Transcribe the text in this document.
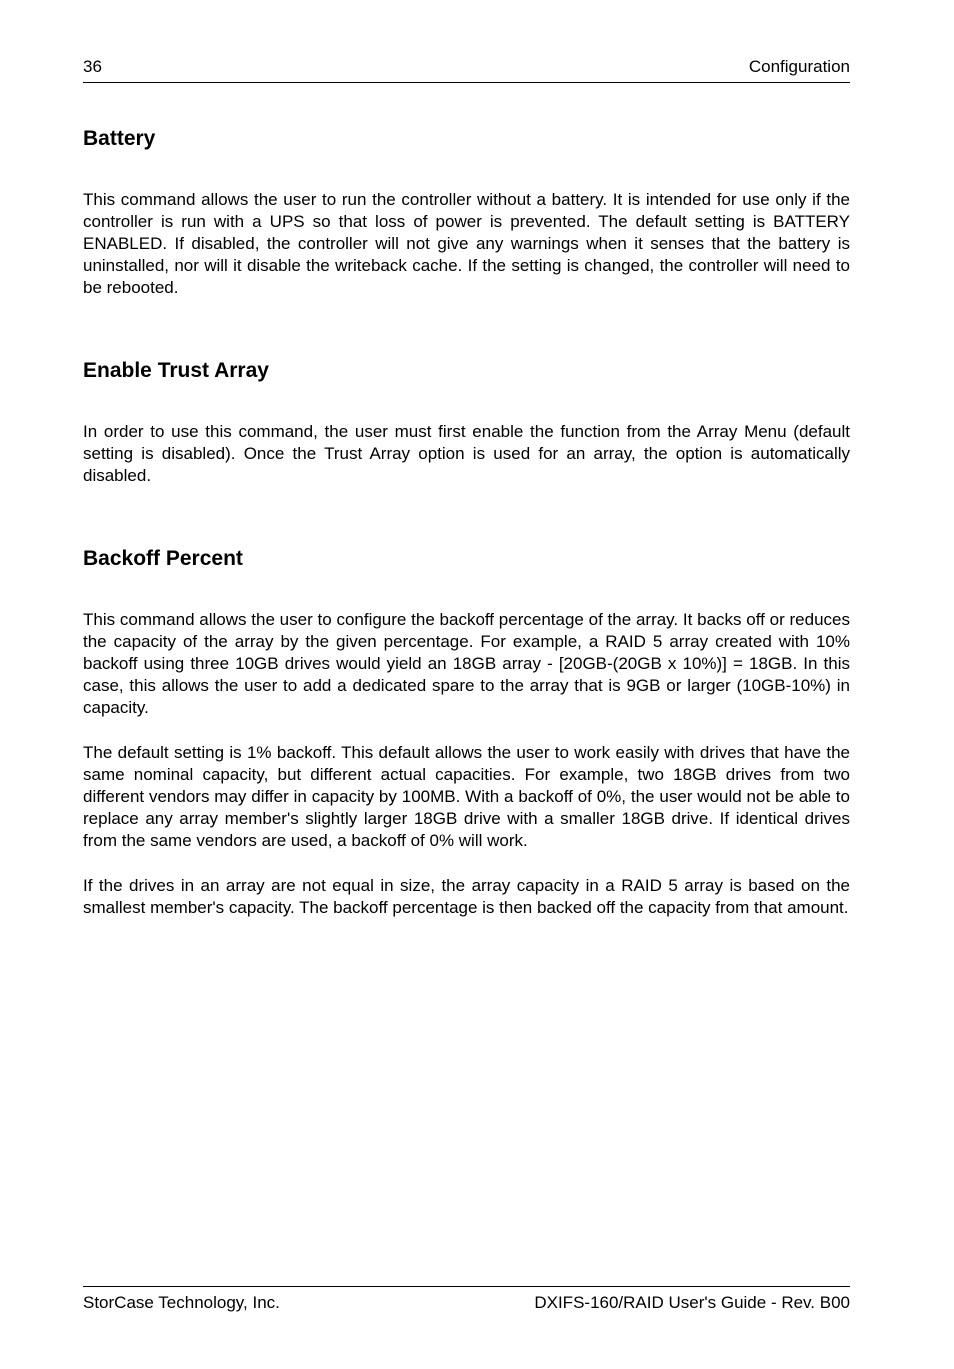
36	Configuration
Battery

This command allows the user to run the controller without a battery. It is intended for use only if the controller is run with a UPS so that loss of power is prevented. The default setting is BATTERY ENABLED. If disabled, the controller will not give any warnings when it senses that the battery is uninstalled, nor will it disable the writeback cache. If the setting is changed, the controller will need to be rebooted.

Enable Trust Array

In order to use this command, the user must first enable the function from the Array Menu (default setting is disabled). Once the Trust Array option is used for an array, the option is automatically disabled.

Backoff Percent

This command allows the user to configure the backoff percentage of the array. It backs off or reduces the capacity of the array by the given percentage. For example, a RAID 5 array created with 10% backoff using three 10GB drives would yield an 18GB array - [20GB-(20GB x 10%)] = 18GB. In this case, this allows the user to add a dedicated spare to the array that is 9GB or larger (10GB-10%) in capacity.

The default setting is 1% backoff. This default allows the user to work easily with drives that have the same nominal capacity, but different actual capacities. For example, two 18GB drives from two different vendors may differ in capacity by 100MB. With a backoff of 0%, the user would not be able to replace any array member's slightly larger 18GB drive with a smaller 18GB drive. If identical drives from the same vendors are used, a backoff of 0% will work.

If the drives in an array are not equal in size, the array capacity in a RAID 5 array is based on the smallest member's capacity. The backoff percentage is then backed off the capacity from that amount.

StorCase Technology, Inc.	DXIFS-160/RAID User's Guide - Rev. B00
